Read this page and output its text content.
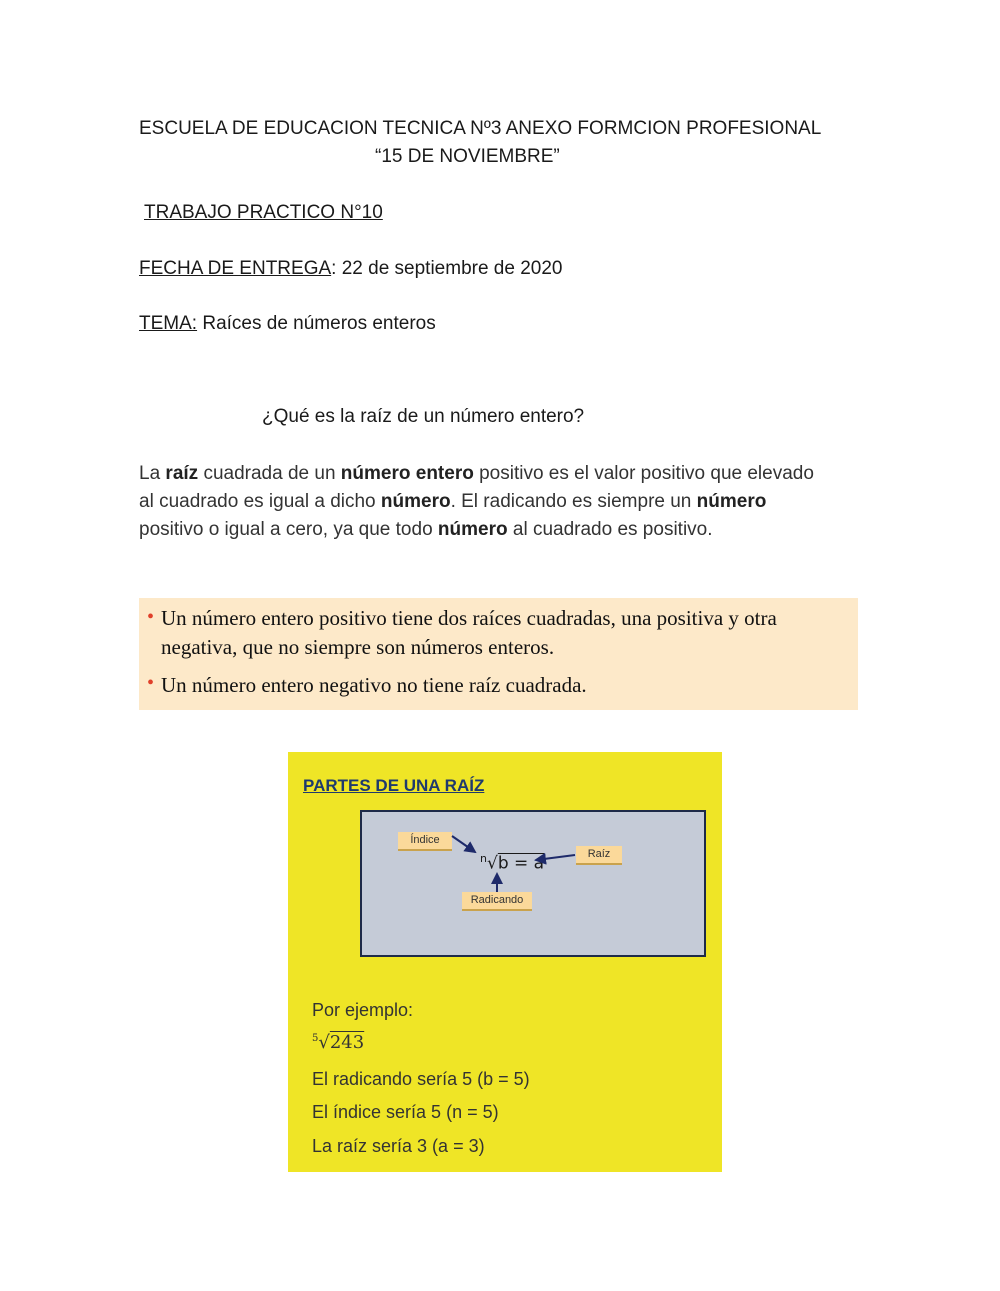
ESCUELA DE EDUCACION TECNICA Nº3 ANEXO FORMCION PROFESIONAL
“15 DE NOVIEMBRE”
TRABAJO PRACTICO N°10
FECHA DE ENTREGA: 22 de septiembre de 2020
TEMA: Raíces de números enteros
¿Qué es la raíz de un número entero?
La raíz cuadrada de un número entero positivo es el valor positivo que elevado al cuadrado es igual a dicho número. El radicando es siempre un número positivo o igual a cero, ya que todo número al cuadrado es positivo.
• Un número entero positivo tiene dos raíces cuadradas, una positiva y otra negativa, que no siempre son números enteros.
• Un número entero negativo no tiene raíz cuadrada.
PARTES DE UNA RAÍZ
Índice
Raíz
Radicando
$^n$√b = a
Por ejemplo:
$^5$√243
El radicando sería 5 (b = 5)
El índice sería 5 (n = 5)
La raíz sería 3 (a = 3)
